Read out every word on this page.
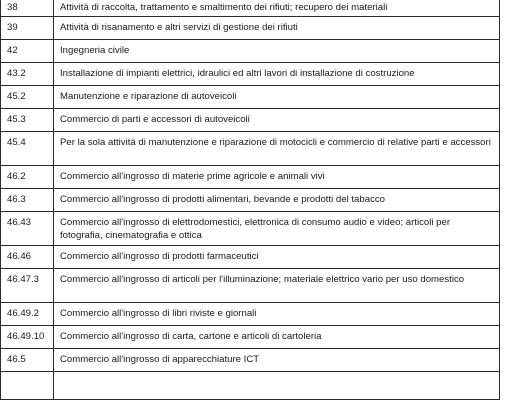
38	Attività di raccolta, trattamento e smaltimento dei rifiuti; recupero dei materiali
39	Attività di risanamento e altri servizi di gestione dei rifiuti
42	Ingegneria civile
43.2	Installazione di impianti elettrici, idraulici ed altri lavori di installazione di costruzione
45.2	Manutenzione e riparazione di autoveicoli
45.3	Commercio di parti e accessori di autoveicoli
45.4	Per la sola attività di manutenzione e riparazione di motocicli e commercio di relative parti e accessori
46.2	Commercio all'ingrosso di materie prime agricole e animali vivi
46.3	Commercio all'ingrosso di prodotti alimentari, bevande e prodotti del tabacco
46.43	Commercio all'ingrosso di elettrodomestici, elettronica di consumo audio e video; articoli per fotografia, cinematografia e ottica
46.46	Commercio all'ingrosso di prodotti farmaceutici
46.47.3	Commercio all'ingrosso di articoli per l'illuminazione; materiale elettrico vario per uso domestico
46.49.2	Commercio all'ingrosso di libri riviste e giornali
46.49.10	Commercio all'ingrosso di carta, cartone e articoli di cartoleria
46.5	Commercio all'ingrosso di apparecchiature ICT
